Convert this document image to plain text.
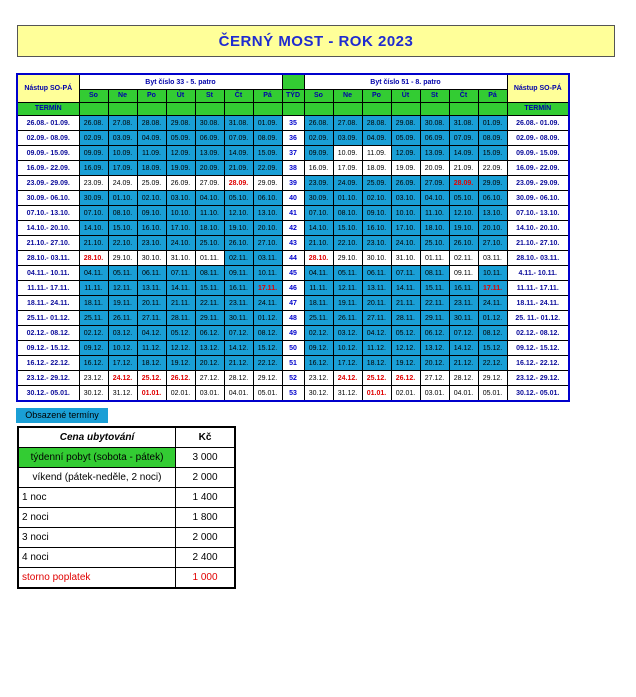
ČERNÝ MOST - ROK 2023
Nástup SO-PÁ	Byt číslo 33 - 5. patro								Byt číslo 51 - 8. patro							Nástup SO-PÁ
	So	Ne	Po	Út	St	Čt	Pá	TÝD	So	Ne	Po	Út	St	Čt	Pá	
TERMÍN																TERMÍN
26.08.- 01.09.	26.08.	27.08.	28.08.	29.08.	30.08.	31.08.	01.09.	35	26.08.	27.08.	28.08.	29.08.	30.08.	31.08.	01.09.	26.08.- 01.09.
02.09.- 08.09.	02.09.	03.09.	04.09.	05.09.	06.09.	07.09.	08.09.	36	02.09.	03.09.	04.09.	05.09.	06.09.	07.09.	08.09.	02.09.- 08.09.
09.09.- 15.09.	09.09.	10.09.	11.09.	12.09.	13.09.	14.09.	15.09.	37	09.09.	10.09.	11.09.	12.09.	13.09.	14.09.	15.09.	09.09.- 15.09.
16.09.- 22.09.	16.09.	17.09.	18.09.	19.09.	20.09.	21.09.	22.09.	38	16.09.	17.09.	18.09.	19.09.	20.09.	21.09.	22.09.	16.09.- 22.09.
23.09.- 29.09.	23.09.	24.09.	25.09.	26.09.	27.09.	28.09.	29.09.	39	23.09.	24.09.	25.09.	26.09.	27.09.	28.09.	29.09.	23.09.- 29.09.
30.09.- 06.10.	30.09.	01.10.	02.10.	03.10.	04.10.	05.10.	06.10.	40	30.09.	01.10.	02.10.	03.10.	04.10.	05.10.	06.10.	30.09.- 06.10.
07.10.- 13.10.	07.10.	08.10.	09.10.	10.10.	11.10.	12.10.	13.10.	41	07.10.	08.10.	09.10.	10.10.	11.10.	12.10.	13.10.	07.10.- 13.10.
14.10.- 20.10.	14.10.	15.10.	16.10.	17.10.	18.10.	19.10.	20.10.	42	14.10.	15.10.	16.10.	17.10.	18.10.	19.10.	20.10.	14.10.- 20.10.
21.10.- 27.10.	21.10.	22.10.	23.10.	24.10.	25.10.	26.10.	27.10.	43	21.10.	22.10.	23.10.	24.10.	25.10.	26.10.	27.10.	21.10.- 27.10.
28.10.- 03.11.	28.10.	29.10.	30.10.	31.10.	01.11.	02.11.	03.11.	44	28.10.	29.10.	30.10.	31.10.	01.11.	02.11.	03.11.	28.10.- 03.11.
04.11.- 10.11.	04.11.	05.11.	06.11.	07.11.	08.11.	09.11.	10.11.	45	04.11.	05.11.	06.11.	07.11.	08.11.	09.11.	10.11.	4.11.- 10.11.
11.11.- 17.11.	11.11.	12.11.	13.11.	14.11.	15.11.	16.11.	17.11.	46	11.11.	12.11.	13.11.	14.11.	15.11.	16.11.	17.11.	11.11.- 17.11.
18.11.- 24.11.	18.11.	19.11.	20.11.	21.11.	22.11.	23.11.	24.11.	47	18.11.	19.11.	20.11.	21.11.	22.11.	23.11.	24.11.	18.11.- 24.11.
25.11.- 01.12.	25.11.	26.11.	27.11.	28.11.	29.11.	30.11.	01.12.	48	25.11.	26.11.	27.11.	28.11.	29.11.	30.11.	01.12.	25. 11.- 01.12.
02.12.- 08.12.	02.12.	03.12.	04.12.	05.12.	06.12.	07.12.	08.12.	49	02.12.	03.12.	04.12.	05.12.	06.12.	07.12.	08.12.	02.12.- 08.12.
09.12.- 15.12.	09.12.	10.12.	11.12.	12.12.	13.12.	14.12.	15.12.	50	09.12.	10.12.	11.12.	12.12.	13.12.	14.12.	15.12.	09.12.- 15.12.
16.12.- 22.12.	16.12.	17.12.	18.12.	19.12.	20.12.	21.12.	22.12.	51	16.12.	17.12.	18.12.	19.12.	20.12.	21.12.	22.12.	16.12.- 22.12.
23.12.- 29.12.	23.12.	24.12.	25.12.	26.12.	27.12.	28.12.	29.12.	52	23.12.	24.12.	25.12.	26.12.	27.12.	28.12.	29.12.	23.12.- 29.12.
30.12.- 05.01.	30.12.	31.12.	01.01.	02.01.	03.01.	04.01.	05.01.	53	30.12.	31.12.	01.01.	02.01.	03.01.	04.01.	05.01.	30.12.- 05.01.
Obsazené termíny
Cena ubytování	Kč
týdenní pobyt (sobota - pátek)	3 000
víkend (pátek-neděle, 2 noci)	2 000
1 noc	1 400
2 noci	1 800
3 noci	2 000
4 noci	2 400
storno poplatek	1 000
